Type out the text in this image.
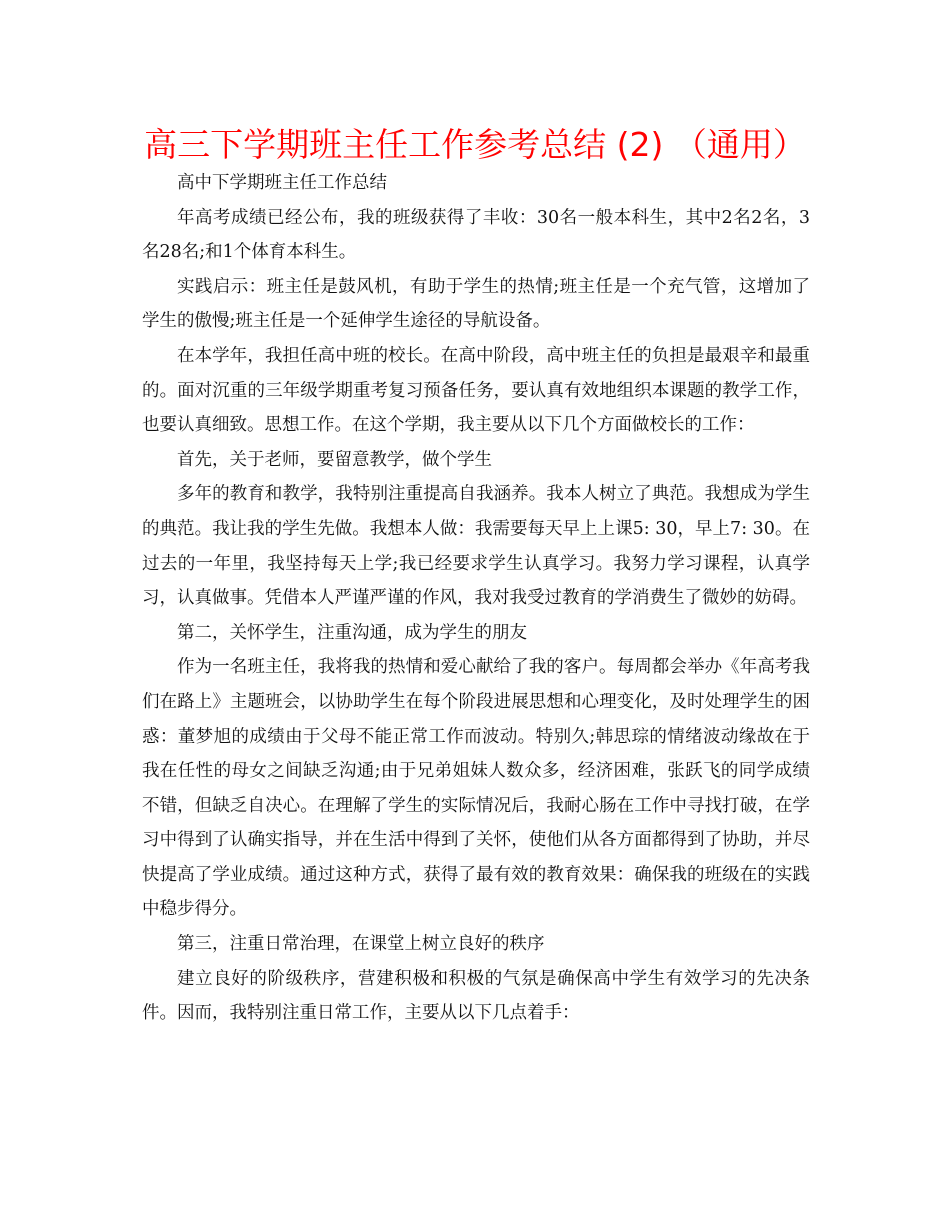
高三下学期班主任工作参考总结 (2) （通用）

高中下学期班主任工作总结

年高考成绩已经公布，我的班级获得了丰收：30名一般本科生，其中2名2名，3名28名;和1个体育本科生。

实践启示：班主任是鼓风机，有助于学生的热情;班主任是一个充气管，这增加了学生的傲慢;班主任是一个延伸学生途径的导航设备。

在本学年，我担任高中班的校长。在高中阶段，高中班主任的负担是最艰辛和最重的。面对沉重的三年级学期重考复习预备任务，要认真有效地组织本课题的教学工作，也要认真细致。思想工作。在这个学期，我主要从以下几个方面做校长的工作：

首先，关于老师，要留意教学，做个学生

多年的教育和教学，我特别注重提高自我涵养。我本人树立了典范。我想成为学生的典范。我让我的学生先做。我想本人做：我需要每天早上上课5: 30，早上7: 30。在过去的一年里，我坚持每天上学;我已经要求学生认真学习。我努力学习课程，认真学习，认真做事。凭借本人严谨严谨的作风，我对我受过教育的学消费生了微妙的妨碍。

第二，关怀学生，注重沟通，成为学生的朋友

作为一名班主任，我将我的热情和爱心献给了我的客户。每周都会举办《年高考我们在路上》主题班会，以协助学生在每个阶段进展思想和心理变化，及时处理学生的困惑：董梦旭的成绩由于父母不能正常工作而波动。特别久;韩思琮的情绪波动缘故在于我在任性的母女之间缺乏沟通;由于兄弟姐妹人数众多，经济困难，张跃飞的同学成绩不错，但缺乏自决心。在理解了学生的实际情况后，我耐心肠在工作中寻找打破，在学习中得到了认确实指导，并在生活中得到了关怀，使他们从各方面都得到了协助，并尽快提高了学业成绩。通过这种方式，获得了最有效的教育效果：确保我的班级在的实践中稳步得分。

第三，注重日常治理，在课堂上树立良好的秩序

建立良好的阶级秩序，营建积极和积极的气氛是确保高中学生有效学习的先决条件。因而，我特别注重日常工作，主要从以下几点着手：
